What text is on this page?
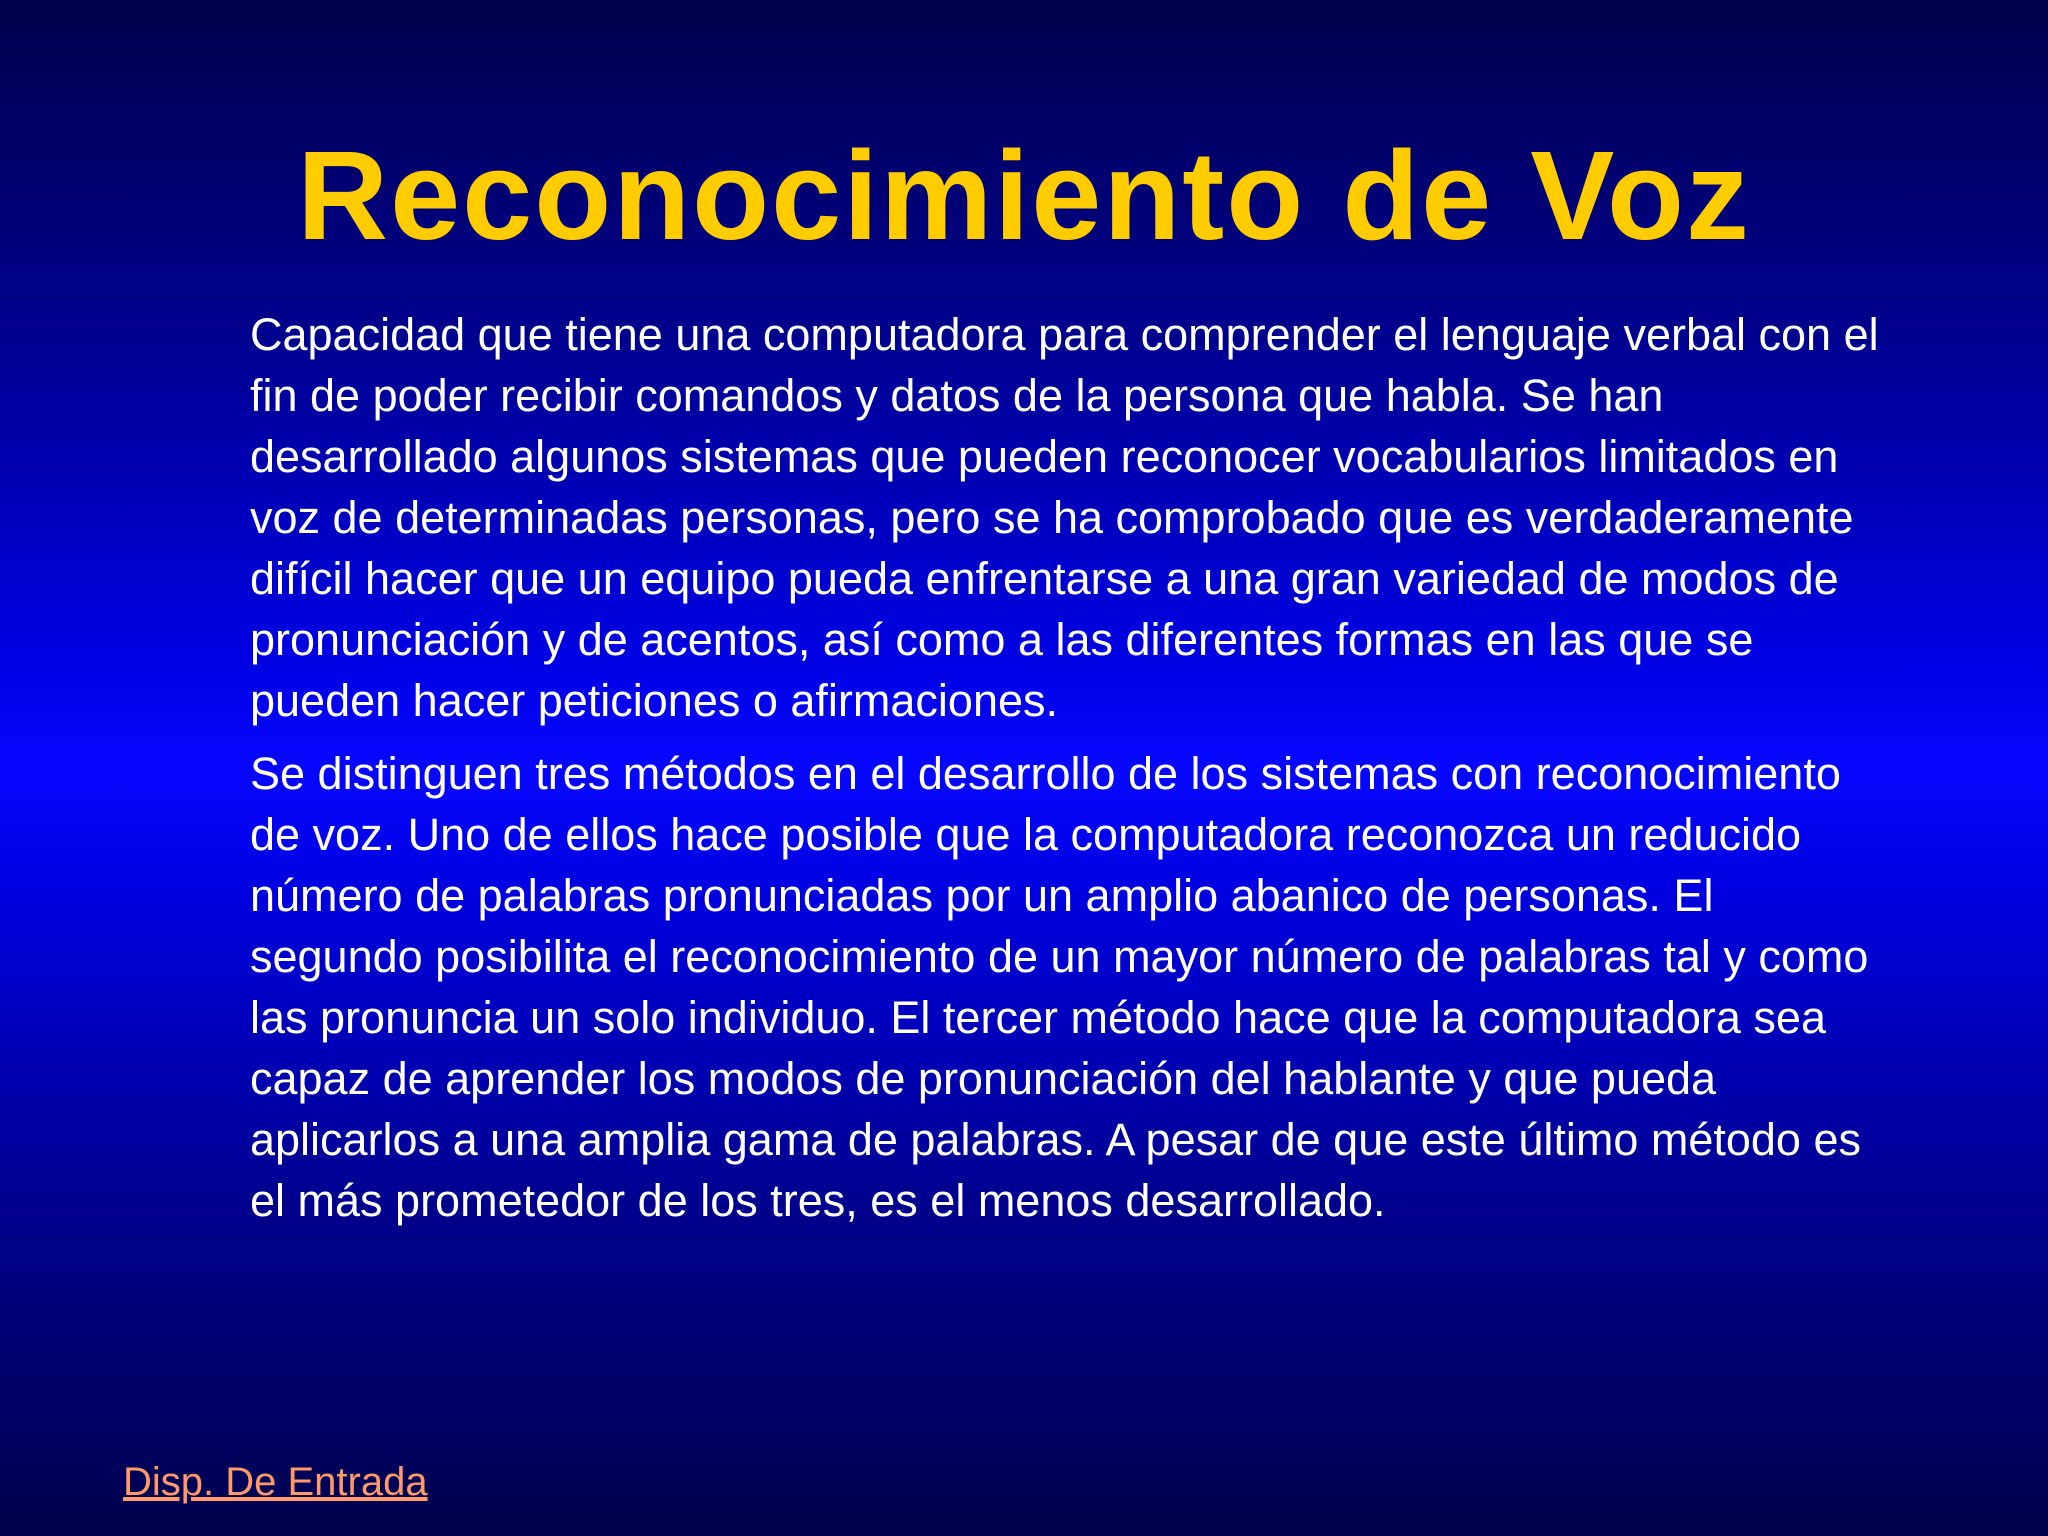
Reconocimiento de Voz

Capacidad que tiene una computadora para comprender el lenguaje verbal con el fin de poder recibir comandos y datos de la persona que habla. Se han desarrollado algunos sistemas que pueden reconocer vocabularios limitados en voz de determinadas personas, pero se ha comprobado que es verdaderamente difícil hacer que un equipo pueda enfrentarse a una gran variedad de modos de pronunciación y de acentos, así como a las diferentes formas en las que se pueden hacer peticiones o afirmaciones.

Se distinguen tres métodos en el desarrollo de los sistemas con reconocimiento de voz. Uno de ellos hace posible que la computadora reconozca un reducido número de palabras pronunciadas por un amplio abanico de personas. El segundo posibilita el reconocimiento de un mayor número de palabras tal y como las pronuncia un solo individuo. El tercer método hace que la computadora sea capaz de aprender los modos de pronunciación del hablante y que pueda aplicarlos a una amplia gama de palabras. A pesar de que este último método es el más prometedor de los tres, es el menos desarrollado.

Disp. De Entrada
